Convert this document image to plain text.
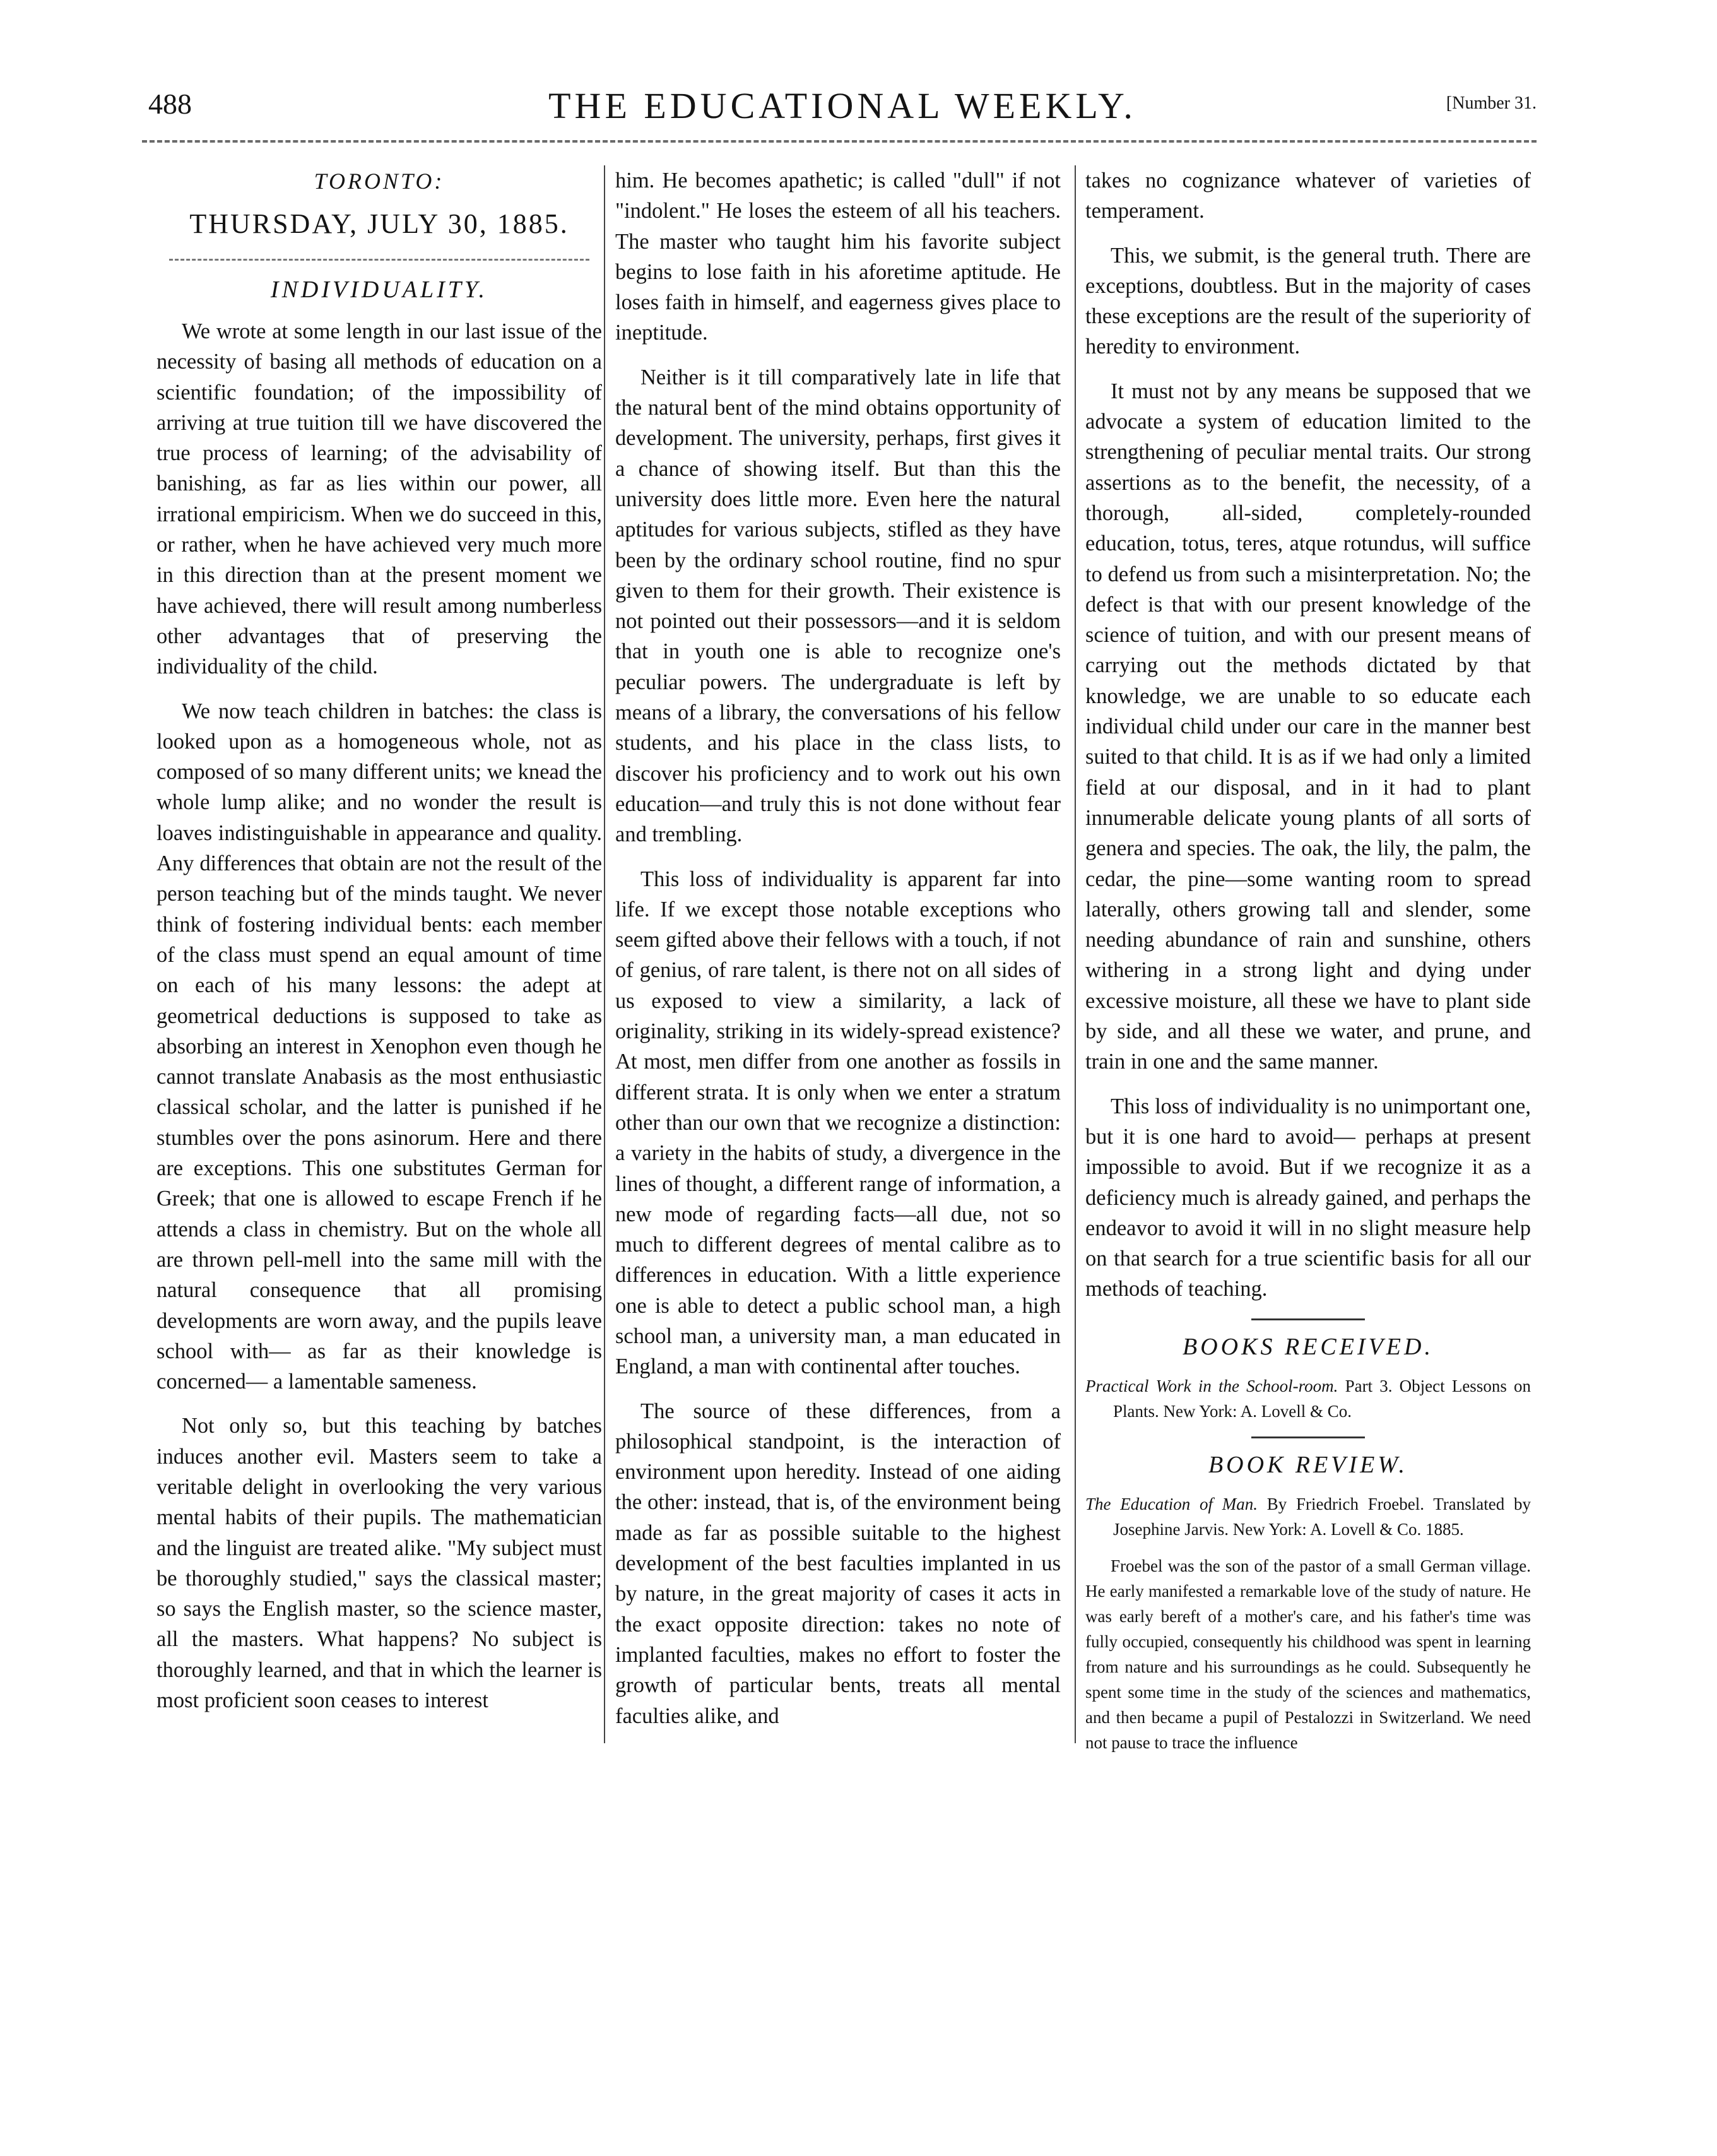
488	THE EDUCATIONAL WEEKLY.	[Number 31.
TORONTO:
THURSDAY, JULY 30, 1885.
INDIVIDUALITY.

We wrote at some length in our last issue of the necessity of basing all methods of education on a scientific foundation; of the impossibility of arriving at true tuition till we have discovered the true process of learning; of the advisability of banishing, as far as lies within our power, all irrational empiricism. When we do succeed in this, or rather, when he have achieved very much more in this direction than at the present moment we have achieved, there will result among numberless other advantages that of preserving the individuality of the child.

We now teach children in batches: the class is looked upon as a homogeneous whole, not as composed of so many different units; we knead the whole lump alike; and no wonder the result is loaves indistinguishable in appearance and quality. Any differences that obtain are not the result of the person teaching but of the minds taught. We never think of fostering individual bents: each member of the class must spend an equal amount of time on each of his many lessons: the adept at geometrical deductions is supposed to take as absorbing an interest in Xenophon even though he cannot translate Anabasis as the most enthusiastic classical scholar, and the latter is punished if he stumbles over the pons asinorum. Here and there are exceptions. This one substitutes German for Greek; that one is allowed to escape French if he attends a class in chemistry. But on the whole all are thrown pell-mell into the same mill with the natural consequence that all promising developments are worn away, and the pupils leave school with— as far as their knowledge is concerned— a lamentable sameness.

Not only so, but this teaching by batches induces another evil. Masters seem to take a veritable delight in overlooking the very various mental habits of their pupils. The mathematician and the linguist are treated alike. "My subject must be thoroughly studied," says the classical master; so says the English master, so the science master, all the masters. What happens? No subject is thoroughly learned, and that in which the learner is most proficient soon ceases to interest

him. He becomes apathetic; is called "dull" if not "indolent." He loses the esteem of all his teachers. The master who taught him his favorite subject begins to lose faith in his aforetime aptitude. He loses faith in himself, and eagerness gives place to ineptitude.

Neither is it till comparatively late in life that the natural bent of the mind obtains opportunity of development. The university, perhaps, first gives it a chance of showing itself. But than this the university does little more. Even here the natural aptitudes for various subjects, stifled as they have been by the ordinary school routine, find no spur given to them for their growth. Their existence is not pointed out their possessors—and it is seldom that in youth one is able to recognize one's peculiar powers. The undergraduate is left by means of a library, the conversations of his fellow students, and his place in the class lists, to discover his proficiency and to work out his own education—and truly this is not done without fear and trembling.

This loss of individuality is apparent far into life. If we except those notable exceptions who seem gifted above their fellows with a touch, if not of genius, of rare talent, is there not on all sides of us exposed to view a similarity, a lack of originality, striking in its widely-spread existence? At most, men differ from one another as fossils in different strata. It is only when we enter a stratum other than our own that we recognize a distinction: a variety in the habits of study, a divergence in the lines of thought, a different range of information, a new mode of regarding facts—all due, not so much to different degrees of mental calibre as to differences in education. With a little experience one is able to detect a public school man, a high school man, a university man, a man educated in England, a man with continental after touches.

The source of these differences, from a philosophical standpoint, is the interaction of environment upon heredity. Instead of one aiding the other: instead, that is, of the environment being made as far as possible suitable to the highest development of the best faculties implanted in us by nature, in the great majority of cases it acts in the exact opposite direction: takes no note of implanted faculties, makes no effort to foster the growth of particular bents, treats all mental faculties alike, and

takes no cognizance whatever of varieties of temperament.

This, we submit, is the general truth. There are exceptions, doubtless. But in the majority of cases these exceptions are the result of the superiority of heredity to environment.

It must not by any means be supposed that we advocate a system of education limited to the strengthening of peculiar mental traits. Our strong assertions as to the benefit, the necessity, of a thorough, all-sided, completely-rounded education, totus, teres, atque rotundus, will suffice to defend us from such a misinterpretation. No; the defect is that with our present knowledge of the science of tuition, and with our present means of carrying out the methods dictated by that knowledge, we are unable to so educate each individual child under our care in the manner best suited to that child. It is as if we had only a limited field at our disposal, and in it had to plant innumerable delicate young plants of all sorts of genera and species. The oak, the lily, the palm, the cedar, the pine—some wanting room to spread laterally, others growing tall and slender, some needing abundance of rain and sunshine, others withering in a strong light and dying under excessive moisture, all these we have to plant side by side, and all these we water, and prune, and train in one and the same manner.

This loss of individuality is no unimportant one, but it is one hard to avoid— perhaps at present impossible to avoid. But if we recognize it as a deficiency much is already gained, and perhaps the endeavor to avoid it will in no slight measure help on that search for a true scientific basis for all our methods of teaching.

BOOKS RECEIVED.

Practical Work in the School-room. Part 3. Object Lessons on Plants. New York: A. Lovell & Co.

BOOK REVIEW.

The Education of Man. By Friedrich Froebel. Translated by Josephine Jarvis. New York: A. Lovell & Co. 1885.

Froebel was the son of the pastor of a small German village. He early manifested a remarkable love of the study of nature. He was early bereft of a mother's care, and his father's time was fully occupied, consequently his childhood was spent in learning from nature and his surroundings as he could. Subsequently he spent some time in the study of the sciences and mathematics, and then became a pupil of Pestalozzi in Switzerland. We need not pause to trace the influence
